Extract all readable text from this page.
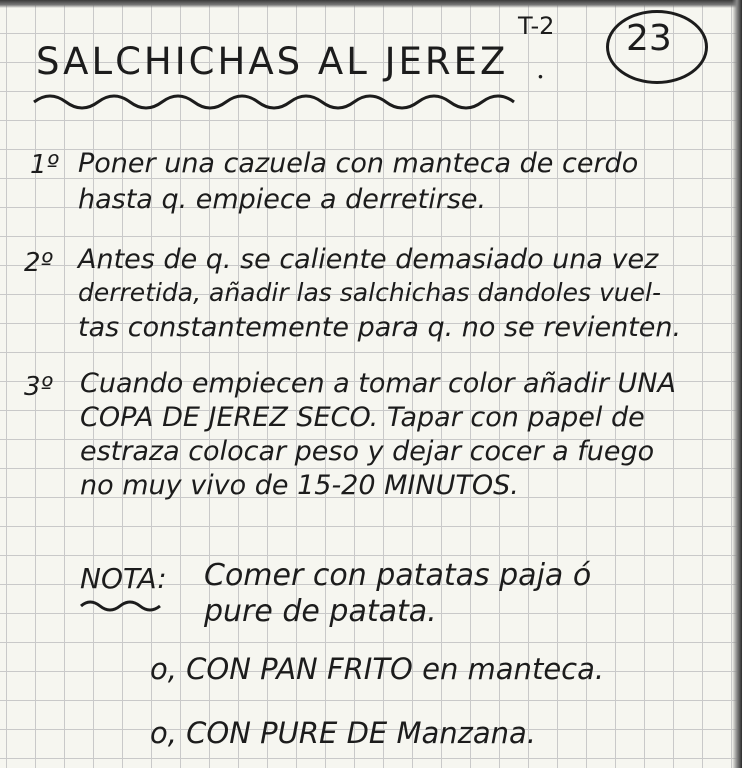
SALCHICHAS AL JEREZ .
T-2 23
1º Poner una cazuela con manteca de cerdo
hasta q. empiece a derretirse.
2º Antes de q. se caliente demasiado una vez
derretida, añadir las salchichas dandoles vuel-
tas constantemente para q. no se revienten.
3º Cuando empiecen a tomar color añadir UNA
COPA DE JEREZ SECO. Tapar con papel de
estraza colocar peso y dejar cocer a fuego
no muy vivo de 15-20 MINUTOS.
NOTA: Comer con patatas paja ó
pure de patata.
o, CON PAN FRITO en manteca.
o, CON PURE DE Manzana.
